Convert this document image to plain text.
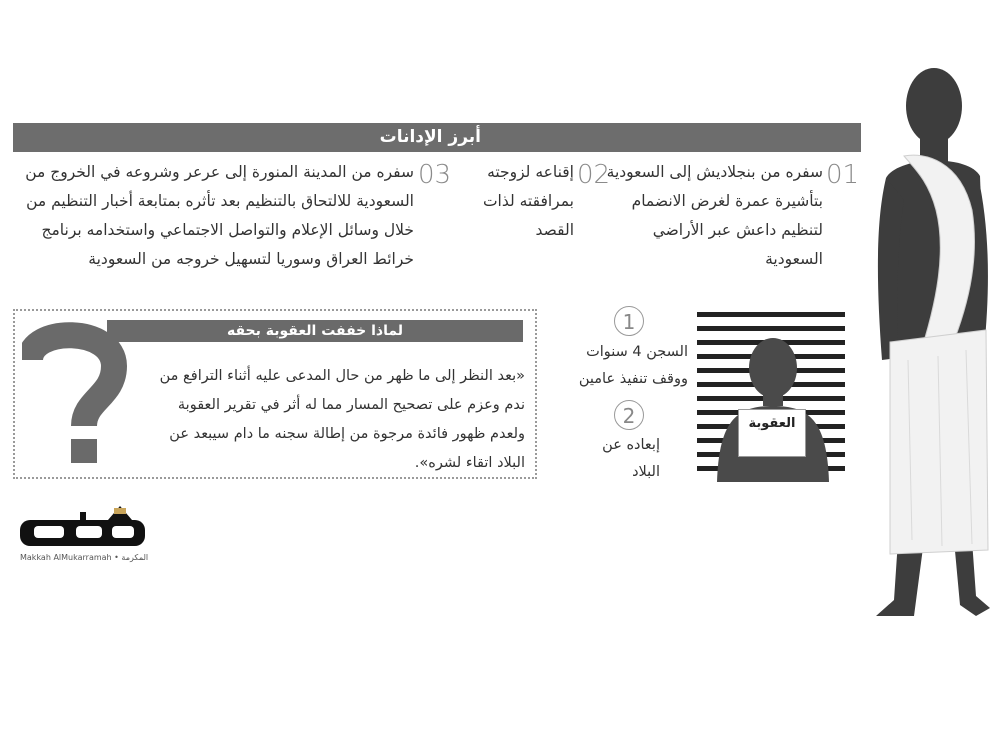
أبرز الإدانات
01
سفره من بنجلاديش إلى السعودية بتأشيرة عمرة لغرض الانضمام لتنظيم داعش عبر الأراضي السعودية
02
إقناعه لزوجته بمرافقته لذات القصد
03
سفره من المدينة المنورة إلى عرعر وشروعه في الخروج من السعودية للالتحاق بالتنظيم بعد تأثره بمتابعة أخبار التنظيم من خلال وسائل الإعلام والتواصل الاجتماعي واستخدامه برنامج خرائط العراق وسوريا لتسهيل خروجه من السعودية
لماذا خففت العقوبة بحقه
«بعد النظر إلى ما ظهر من حال المدعى عليه أثناء الترافع من ندم وعزم على تصحيح المسار مما له أثر في تقرير العقوبة ولعدم ظهور فائدة مرجوة من إطالة سجنه ما دام سيبعد عن البلاد اتقاء لشره».
Makkah AlMukarramah • المكرمة
العقوبة
1
السجن 4 سنوات ووقف تنفيذ عامين
2
إبعاده عن البلاد
